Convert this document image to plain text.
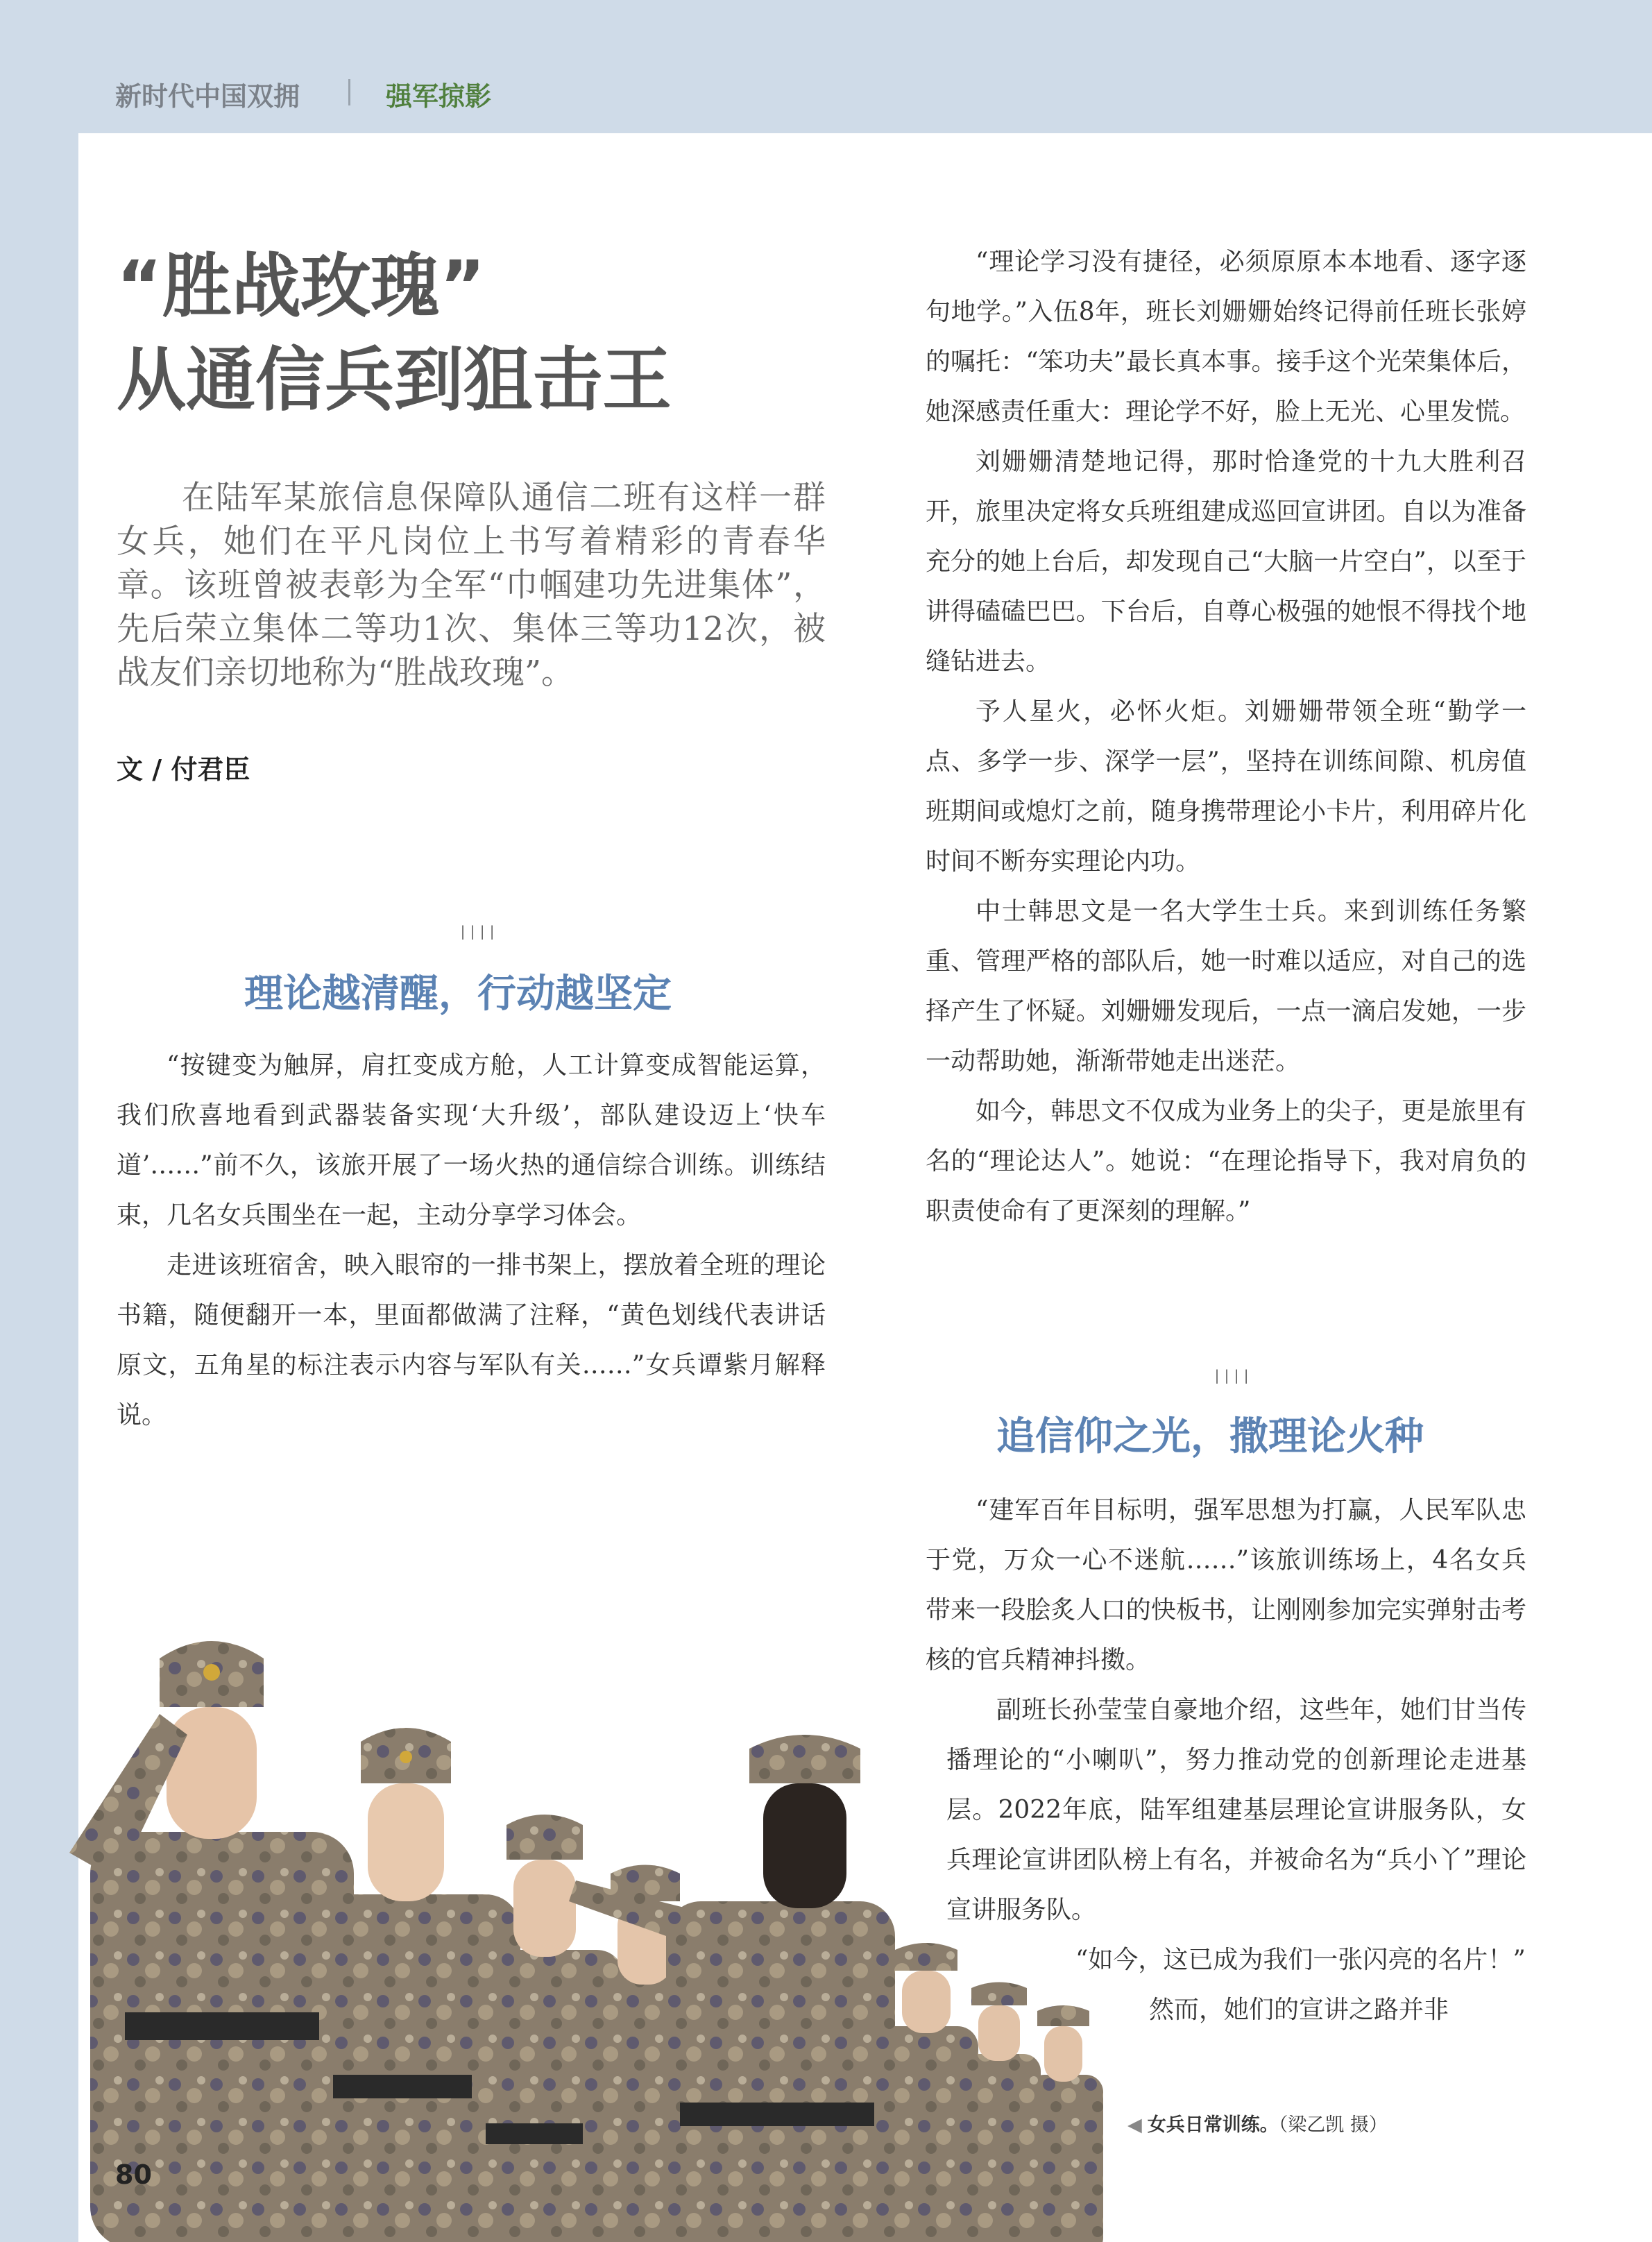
新时代中国双拥	强军掠影
“胜战玫瑰”
从通信兵到狙击王
在陆军某旅信息保障队通信二班有这样一群女兵，她们在平凡岗位上书写着精彩的青春华章。该班曾被表彰为全军“巾帼建功先进集体”，先后荣立集体二等功1次、集体三等功12次，被战友们亲切地称为“胜战玫瑰”。
文 / 付君臣
||||
理论越清醒，行动越坚定

“按键变为触屏，肩扛变成方舱，人工计算变成智能运算，我们欣喜地看到武器装备实现‘大升级’，部队建设迈上‘快车道’……”前不久，该旅开展了一场火热的通信综合训练。训练结束，几名女兵围坐在一起，主动分享学习体会。

走进该班宿舍，映入眼帘的一排书架上，摆放着全班的理论书籍，随便翻开一本，里面都做满了注释，“黄色划线代表讲话原文，五角星的标注表示内容与军队有关……”女兵谭紫月解释说。

“理论学习没有捷径，必须原原本本地看、逐字逐句地学。”入伍8年，班长刘姗姗始终记得前任班长张婷的嘱托：“笨功夫”最长真本事。接手这个光荣集体后，她深感责任重大：理论学不好，脸上无光、心里发慌。

刘姗姗清楚地记得，那时恰逢党的十九大胜利召开，旅里决定将女兵班组建成巡回宣讲团。自以为准备充分的她上台后，却发现自己“大脑一片空白”，以至于讲得磕磕巴巴。下台后，自尊心极强的她恨不得找个地缝钻进去。

予人星火，必怀火炬。刘姗姗带领全班“勤学一点、多学一步、深学一层”，坚持在训练间隙、机房值班期间或熄灯之前，随身携带理论小卡片，利用碎片化时间不断夯实理论内功。

中士韩思文是一名大学生士兵。来到训练任务繁重、管理严格的部队后，她一时难以适应，对自己的选择产生了怀疑。刘姗姗发现后，一点一滴启发她，一步一动帮助她，渐渐带她走出迷茫。

如今，韩思文不仅成为业务上的尖子，更是旅里有名的“理论达人”。她说：“在理论指导下，我对肩负的职责使命有了更深刻的理解。”

||||
追信仰之光，撒理论火种

“建军百年目标明，强军思想为打赢，人民军队忠于党，万众一心不迷航……”该旅训练场上，4名女兵带来一段脍炙人口的快板书，让刚刚参加完实弹射击考核的官兵精神抖擞。

副班长孙莹莹自豪地介绍，这些年，她们甘当传播理论的“小喇叭”，努力推动党的创新理论走进基层。2022年底，陆军组建基层理论宣讲服务队，女兵理论宣讲团队榜上有名，并被命名为“兵小丫”理论宣讲服务队。

“如今，这已成为我们一张闪亮的名片！”

然而，她们的宣讲之路并非

◀ 女兵日常训练。（梁乙凯 摄）
80
